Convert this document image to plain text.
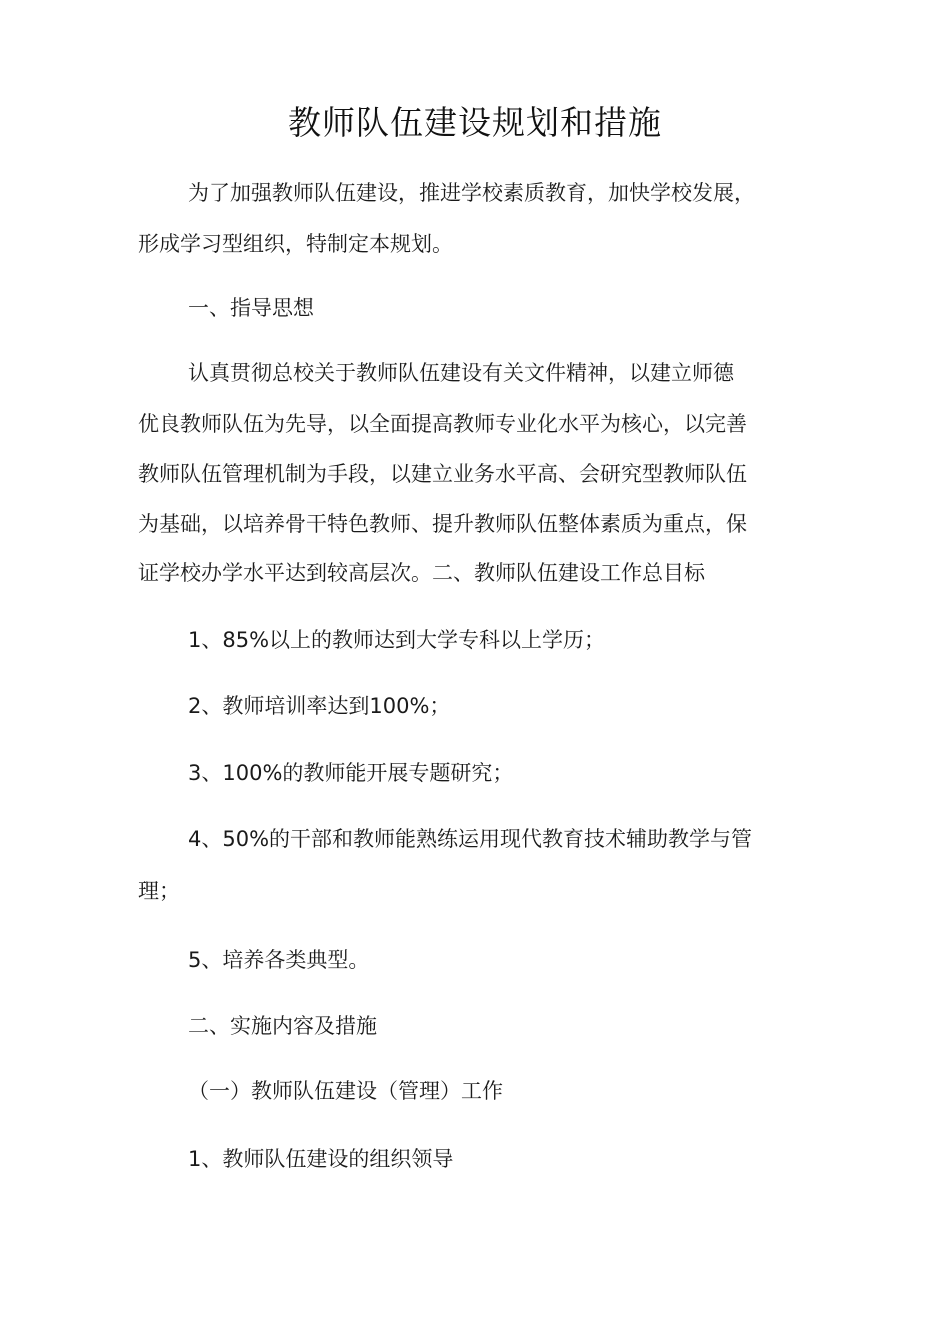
教师队伍建设规划和措施
为了加强教师队伍建设，推进学校素质教育，加快学校发展，
形成学习型组织，特制定本规划。
一、指导思想
认真贯彻总校关于教师队伍建设有关文件精神，以建立师德
优良教师队伍为先导，以全面提高教师专业化水平为核心，以完善
教师队伍管理机制为手段，以建立业务水平高、会研究型教师队伍
为基础，以培养骨干特色教师、提升教师队伍整体素质为重点，保
证学校办学水平达到较高层次。二、教师队伍建设工作总目标
1、85%以上的教师达到大学专科以上学历；
2、教师培训率达到100%；
3、100%的教师能开展专题研究；
4、50%的干部和教师能熟练运用现代教育技术辅助教学与管
理；
5、培养各类典型。
二、实施内容及措施
（一）教师队伍建设（管理）工作
1、教师队伍建设的组织领导
